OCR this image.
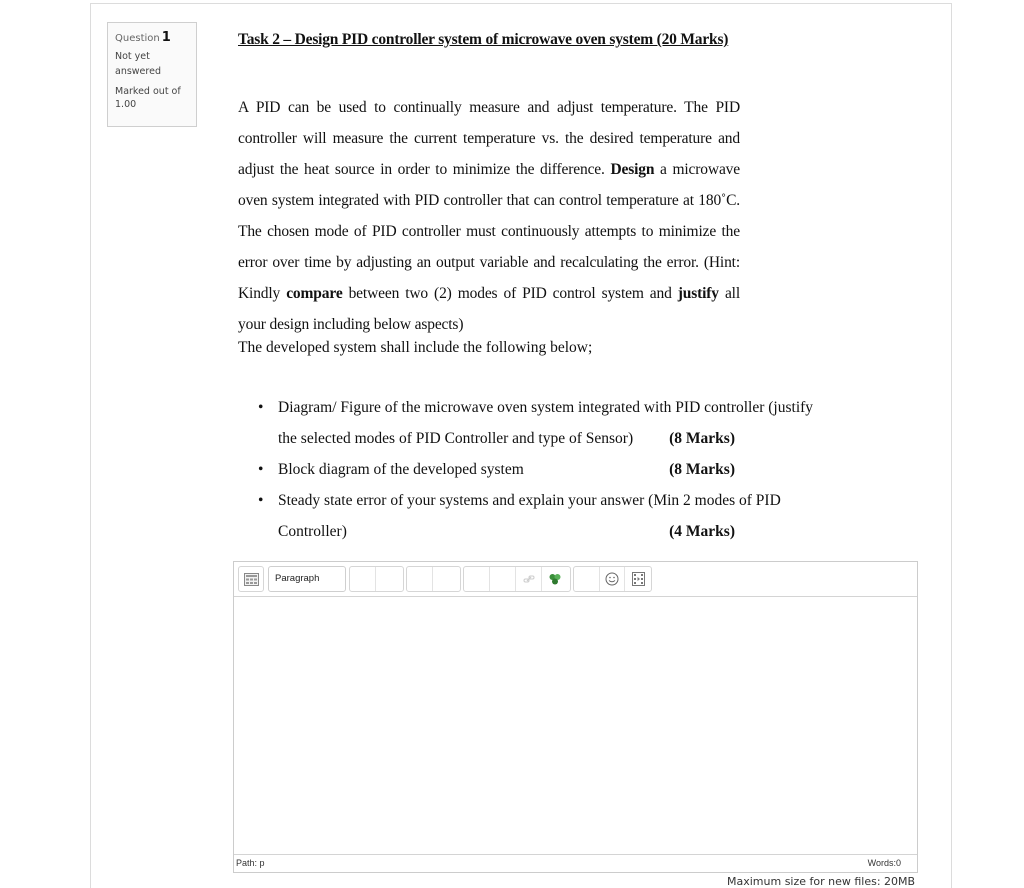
Question 1
Not yet answered
Marked out of 1.00
Task 2 – Design PID controller system of microwave oven system (20 Marks)
A PID can be used to continually measure and adjust temperature. The PID controller will measure the current temperature vs. the desired temperature and adjust the heat source in order to minimize the difference. Design a microwave oven system integrated with PID controller that can control temperature at 180˚C. The chosen mode of PID controller must continuously attempts to minimize the error over time by adjusting an output variable and recalculating the error. (Hint: Kindly compare between two (2) modes of PID control system and justify all your design including below aspects)
The developed system shall include the following below;
• Diagram/ Figure of the microwave oven system integrated with PID controller (justify
the selected modes of PID Controller and type of Sensor) (8 Marks)
• Block diagram of the developed system	(8 Marks)
• Steady state error of your systems and explain your answer (Min 2 modes of PID
Controller)	(4 Marks)
Paragraph
Path: p	Words:0
Maximum size for new files: 20MB
